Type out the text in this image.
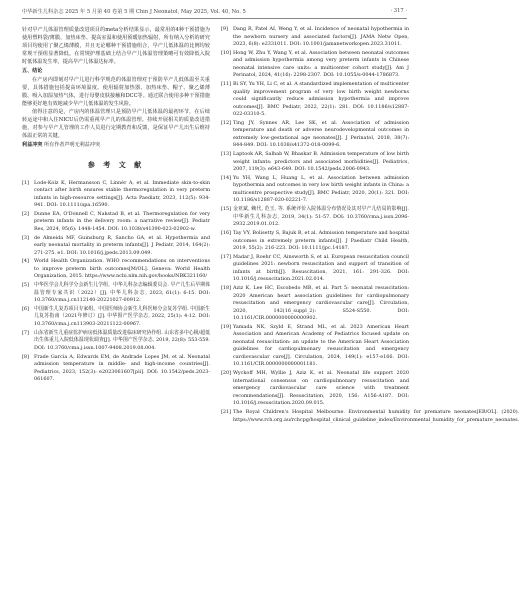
中华新生儿科杂志 2025 年 5 月第 40 卷第 5 期 Chin J Neonatol, May 2025, Vol. 40, No. 5	· 317 ·

针对早产儿体温管理质量改进项目的meta分析结果显示，最常用的4种干预措施为使用塑料袋/薄膜、加热床垫、提高室温和使用预暖加热辐射，所有纳入分析的研究项目均使用了聚乙烯薄膜，并且无论哪种干预措施组合，早产儿低体温的比例均较常规干预组显著降低。在常规护理基础上结合早产儿体温管理策略可有效降低入院时低体温发生率，提高早产儿体温达标率。

五、结论

在产房内即刻对早产儿进行科学规范的体温管理对于预防早产儿低体温至关重要，具体措施包括提高环境温度、使用辐射加热器、加热床垫、帽子、聚乙烯薄膜、吸入加湿加热气体，进行母婴皮肤接触和DCC等。通过联合使用多种干预措施能够更好地有效地减少早产儿低体温的发生风险。

值得注意的是，产房内的体温管理只是预防早产儿低体温的最初环节，在后续转运途中和入住NICU后仍需重视早产儿的体温管理。持续开展相关的质量改进措施，对参与早产儿管理的工作人员进行定期教育和反馈，是保证早产儿出生后维持体温正常的关键。

利益冲突 所有作者声明无利益冲突

参 考 文 献
[1]	Lode-Kolz K, Hermansson C, Linnér A, et al. Immediate skin-to-skin contact after birth ensures stable thermoregulation in very preterm infants in high-resource settings[J]. Acta Paediatr, 2023, 112(5): 934-941. DOI: 10.1111/apa.16590.
[2]	Dunne EA, O'Donnell C, Nakstad B, et al. Thermoregulation for very preterm infants in the delivery room: a narrative review[J]. Pediatr Res, 2024, 95(6): 1448-1454. DOI: 10.1038/s41390-023-02902-w.
[3]	de Almeida MF, Guinsburg R, Sancho GA, et al. Hypothermia and early neonatal mortality in preterm infants[J]. J Pediatr, 2014, 164(2): 271-275. e1. DOI: 10.1016/j.jpeds.2013.09.049.
[4]	World Health Organization. WHO recommendations on interventions to improve preterm birth outcomes[M/OL]. Geneva: World Health Organization, 2015. https://www.ncbi.nlm.nih.gov/books/NBK321160/
[5]	中华医学会儿科学分会新生儿学组，中华儿科杂志编辑委员会. 早产儿生后早期体温管理专家共识（2022）[J]. 中华儿科杂志, 2023, 61(1): 6-15. DOI: 10.3760/cma.j.cn112140-20221027-00912.
[6]	中国新生儿复苏项目专家组，中国医师协会新生儿科医师分会复苏学组. 中国新生儿复苏指南（2021年修订）[J]. 中华围产医学杂志, 2022, 25(1): 4-12. DOI: 10.3760/cma.j.cn113903-20211122-00967.
[7]	山东省新生儿重症监护病房低体温质量改进临床研究协作组. 山东省多中心极/超低出生体重儿入院低体温现状调查[J]. 中华围产医学杂志, 2019, 22(8): 553-559. DOI: 10.3760/cma.j.issn.1007-9408.2019.08.004.
[8]	Frade Garcia A, Edwards EM, de Andrade Lopes JM, et al. Neonatal admission temperature in middle- and high-income countries[J]. Pediatrics, 2023, 152(3): e2023061607[pii]. DOI: 10.1542/peds.2023-061607.
[9]	Dang R, Patel AI, Weng Y, et al. Incidence of neonatal hypothermia in the newborn nursery and associated factors[J]. JAMA Netw Open, 2023, 6(8): e2331011. DOI: 10.1001/jamanetworkopen.2023.31011.
[10] Hong W, Zhu Y, Wang Y, et al. Association between neonatal outcomes and admission hypothermia among very preterm infants in Chinese neonatal intensive care units: a multicenter cohort study[J]. Am J Perinatol, 2024, 41(16): 2298-2307. DOI: 10.1055/s-0044-1786873.
[11] Bi SY, Yu YH, Li C, et al. A standardized implementation of multicenter quality improvement program of very low birth weight newborns could significantly reduce admission hypothermia and improve outcomes[J]. BMC Pediatr, 2022, 22(1): 281. DOI: 10.1186/s12887-022-03310-5.
[12] Ting JY, Synnes AR, Lee SK, et al. Association of admission temperature and death or adverse neurodevelopmental outcomes in extremely low-gestational age neonates[J]. J Perinatol, 2018, 38(7): 844-849. DOI: 10.1038/s41372-018-0099-6.
[13] Laptook AR, Salhab W, Bhaskar B. Admission temperature of low birth weight infants: predictors and associated morbidities[J]. Pediatrics, 2007, 119(3): e643-649. DOI: 10.1542/peds.2006-0943.
[14] Yu YH, Wang L, Huang L, et al. Association between admission hypothermia and outcomes in very low birth weight infants in China: a multicentre prospective study[J]. BMC Pediatr, 2020, 20(1): 321. DOI: 10.1186/s12887-020-02221-7.
[15] 金亚斌, 赖代, 范玉, 等. 系统评价入院体温分布情况及其对早产儿结局的影响[J]. 中华新生儿科杂志, 2019, 34(1): 51-57. DOI: 10.3760/cma.j.issn.2096-2932.2019.01.012.
[16] Tay VY, Bolisetty S, Bajuk B, et al. Admission temperature and hospital outcomes in extremely preterm infants[J]. J Paediatr Child Health, 2019, 55(2): 216-223. DOI: 10.1111/jpc.14187.
[17] Madar J, Roehr CC, Ainsworth S, et al. European resuscitation council guidelines 2021: newborn resuscitation and support of transition of infants at birth[J]. Resuscitation, 2021, 161: 291-326. DOI: 10.1016/j.resuscitation.2021.02.014.
[18] Aziz K, Lee HC, Escobedo MB, et al. Part 5: neonatal resuscitation: 2020 American heart association guidelines for cardiopulmonary resuscitation and emergency cardiovascular care[J]. Circulation, 2020, 142(16_suppl_2): S524-S550. DOI: 10.1161/CIR.0000000000000902.
[19] Yamada NK, Szyld E, Strand ML, et al. 2023 American Heart Association and American Academy of Pediatrics focused update on neonatal resuscitation: an update to the American Heart Association guidelines for cardiopulmonary resuscitation and emergency cardiovascular care[J]. Circulation, 2024, 149(1): e157-e166. DOI: 10.1161/CIR.0000000000001181.
[20] Wyckoff MH, Wyllie J, Aziz K, et al. Neonatal life support 2020 international consensus on cardiopulmonary resuscitation and emergency cardiovascular care science with treatment recommendations[J]. Resuscitation, 2020, 156: A156-A187. DOI: 10.1016/j.resuscitation.2020.09.015.
[21] The Royal Children's Hospital Melbourne. Environmental humidity for premature neonates[EB/OL]. (2020). https://www.rch.org.au/rchcpg/hospital_clinical_guideline_index/Environmental_humidity_for_premature_neonates.
